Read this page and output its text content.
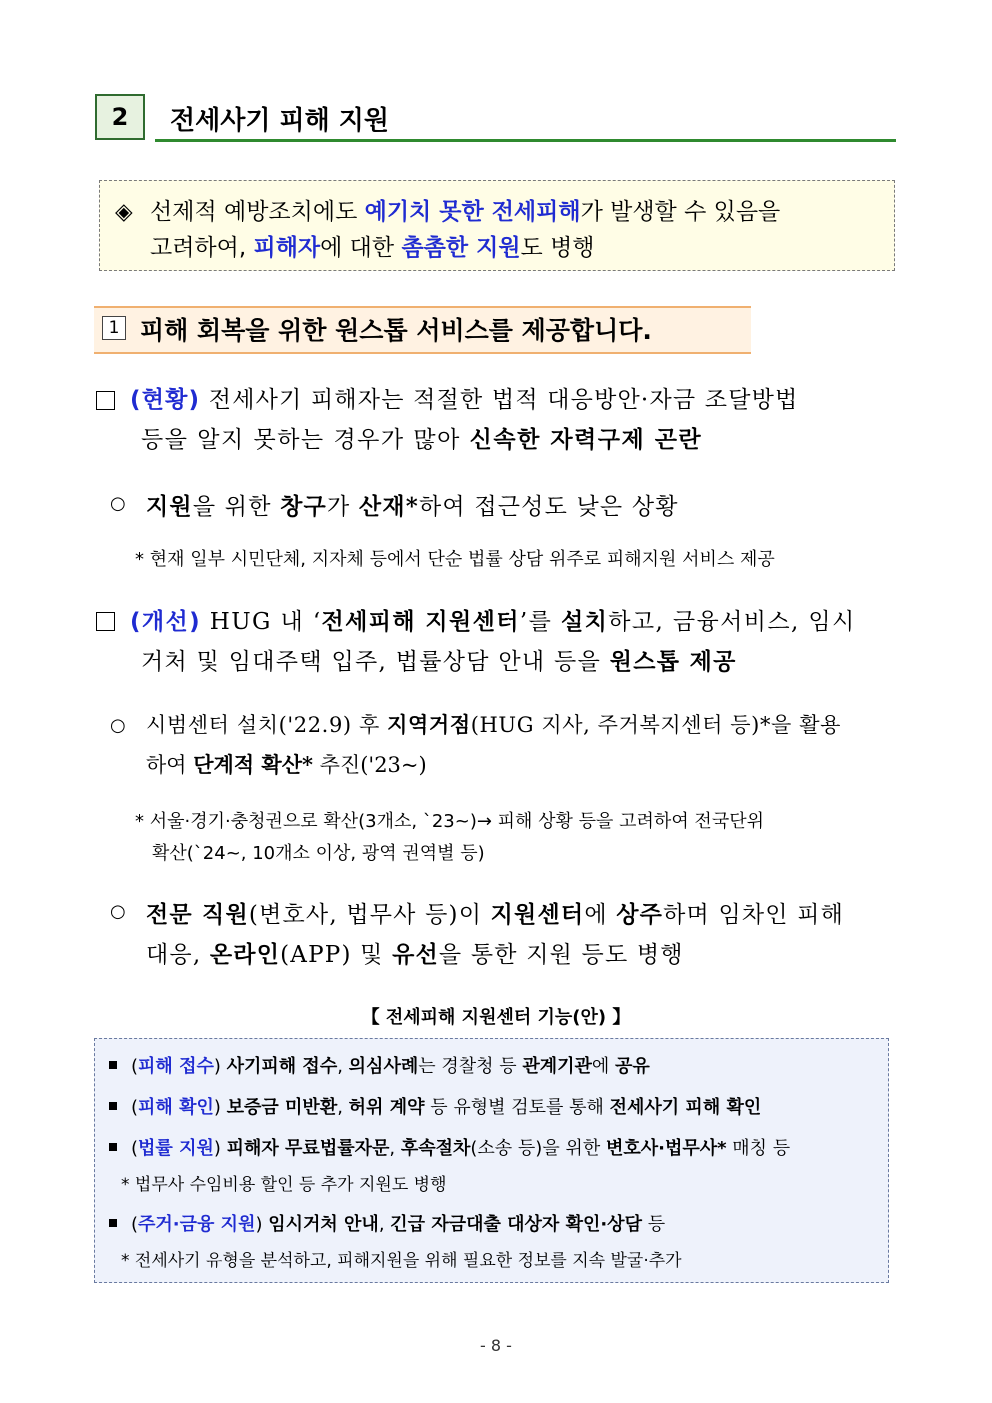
2	전세사기 피해 지원
◈ 선제적 예방조치에도 예기치 못한 전세피해가 발생할 수 있음을
고려하여, 피해자에 대한 촘촘한 지원도 병행
1 피해 회복을 위한 원스톱 서비스를 제공합니다.
(현황) 전세사기 피해자는 적절한 법적 대응방안·자금 조달방법
등을 알지 못하는 경우가 많아 신속한 자력구제 곤란
○ 지원을 위한 창구가 산재*하여 접근성도 낮은 상황
* 현재 일부 시민단체, 지자체 등에서 단순 법률 상담 위주로 피해지원 서비스 제공
(개선) HUG 내 ‘전세피해 지원센터’를 설치하고, 금융서비스, 임시
거처 및 임대주택 입주, 법률상담 안내 등을 원스톱 제공
○ 시범센터 설치('22.9) 후 지역거점(HUG 지사, 주거복지센터 등)*을 활용
하여 단계적 확산* 추진('23~)
* 서울·경기·충청권으로 확산(3개소, `23~)→ 피해 상황 등을 고려하여 전국단위
확산(`24~, 10개소 이상, 광역 권역별 등)
○ 전문 직원(변호사, 법무사 등)이 지원센터에 상주하며 임차인 피해
대응, 온라인(APP) 및 유선을 통한 지원 등도 병행
【 전세피해 지원센터 기능(안) 】
(피해 접수) 사기피해 접수, 의심사례는 경찰청 등 관계기관에 공유
(피해 확인) 보증금 미반환, 허위 계약 등 유형별 검토를 통해 전세사기 피해 확인
(법률 지원) 피해자 무료법률자문, 후속절차(소송 등)을 위한 변호사·법무사* 매칭 등
* 법무사 수임비용 할인 등 추가 지원도 병행
(주거·금융 지원) 임시거처 안내, 긴급 자금대출 대상자 확인·상담 등
* 전세사기 유형을 분석하고, 피해지원을 위해 필요한 정보를 지속 발굴·추가
- 8 -
